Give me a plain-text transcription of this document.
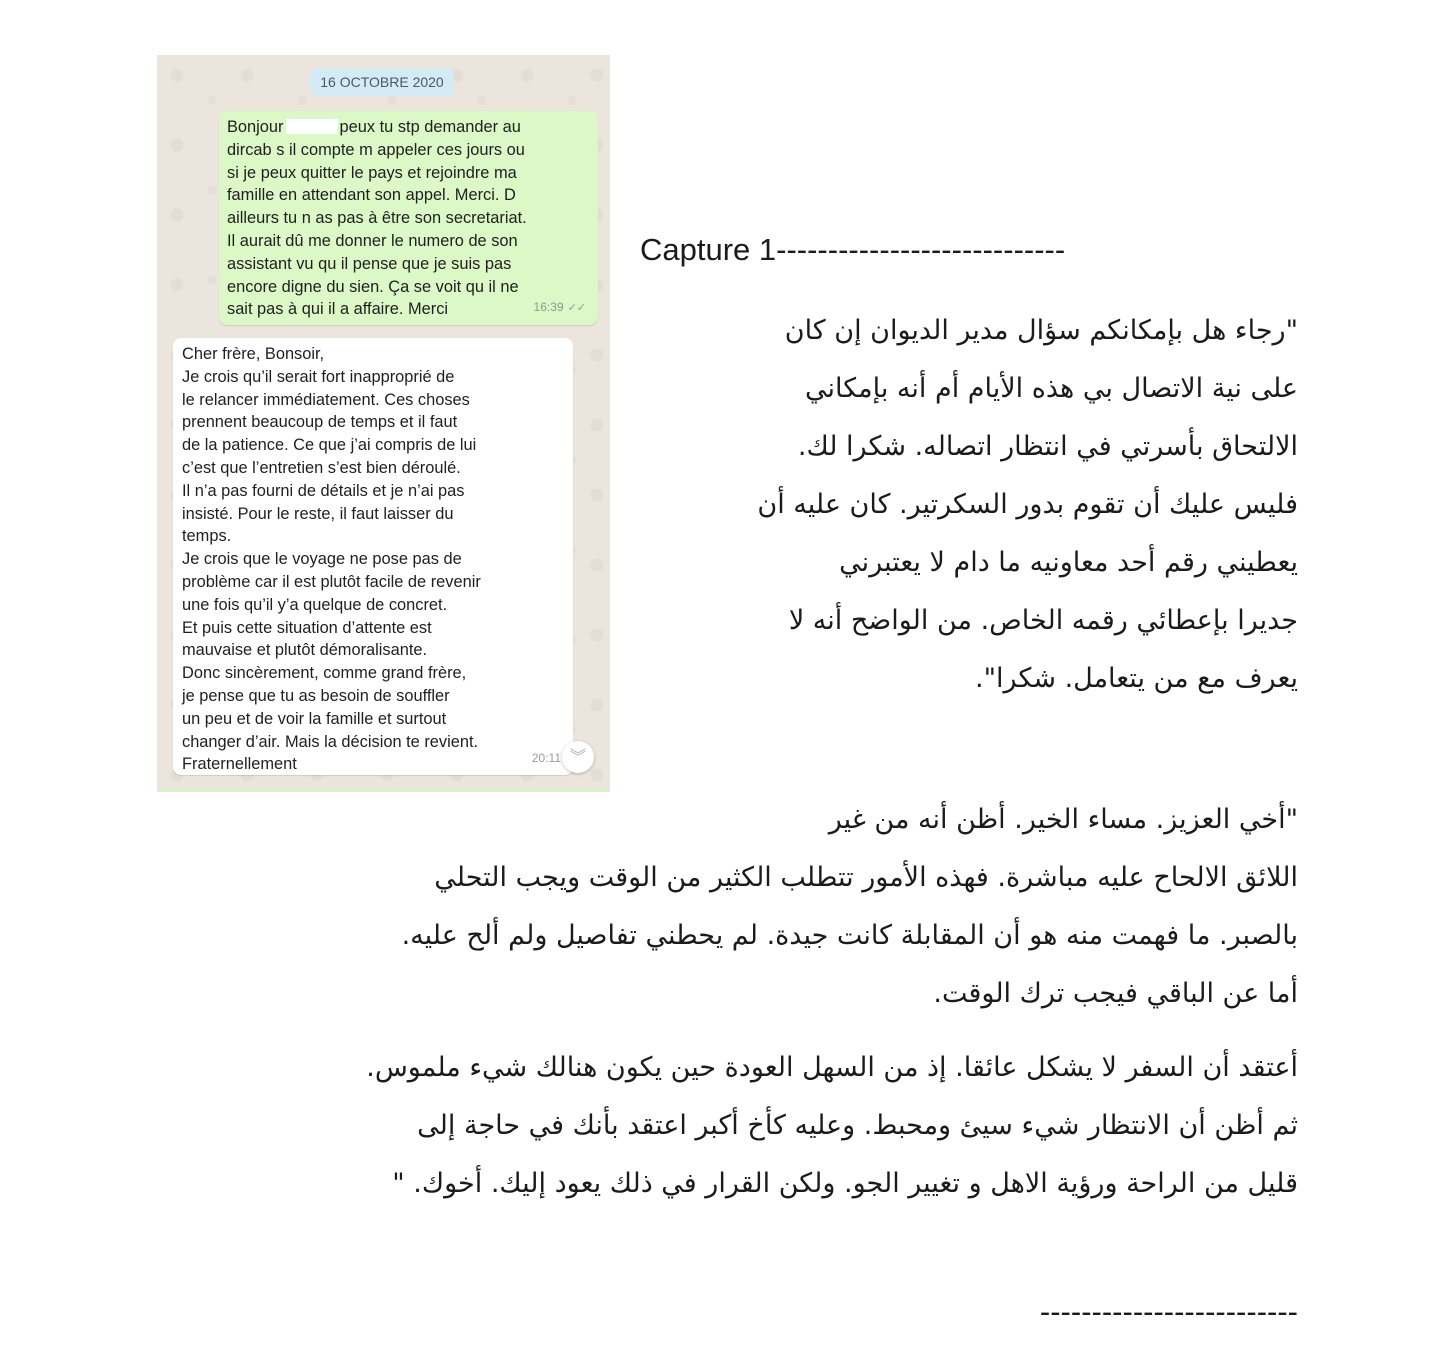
16 OCTOBRE 2020
Bonjour	peux tu stp demander au
dircab s il compte m appeler ces jours ou
si je peux quitter le pays et rejoindre ma
famille en attendant son appel. Merci. D
ailleurs tu n as pas à être son secretariat.
Il aurait dû me donner le numero de son
assistant vu qu il pense que je suis pas
encore digne du sien. Ça se voit qu il ne
sait pas à qui il a affaire. Merci	16:39 ✓✓
Cher frère, Bonsoir,
Je crois qu’il serait fort inapproprié de
le relancer immédiatement. Ces choses
prennent beaucoup de temps et il faut
de la patience. Ce que j’ai compris de lui
c’est que l’entretien s’est bien déroulé.
Il n’a pas fourni de détails et je n’ai pas
insisté. Pour le reste, il faut laisser du
temps.
Je crois que le voyage ne pose pas de
problème car il est plutôt facile de revenir
une fois qu’il y’a quelque de concret.
Et puis cette situation d’attente est
mauvaise et plutôt démoralisante.
Donc sincèrement, comme grand frère,
je pense que tu as besoin de souffler
un peu et de voir la famille et surtout
changer d’air. Mais la décision te revient.
Fraternellement	20:11 ︾
Capture 1----------------------------
"رجاء هل بإمكانكم سؤال مدير الديوان إن كان
على نية الاتصال بي هذه الأيام أم أنه بإمكاني
الالتحاق بأسرتي في انتظار اتصاله. شكرا لك.
فليس عليك أن تقوم بدور السكرتير. كان عليه أن
يعطيني رقم أحد معاونيه ما دام لا يعتبرني
جديرا بإعطائي رقمه الخاص. من الواضح أنه لا
يعرف مع من يتعامل. شكرا".
"أخي العزيز. مساء الخير. أظن أنه من غير
اللائق الالحاح عليه مباشرة. فهذه الأمور تتطلب الكثير من الوقت ويجب التحلي
بالصبر. ما فهمت منه هو أن المقابلة كانت جيدة. لم يحطني تفاصيل ولم ألح عليه.
أما عن الباقي فيجب ترك الوقت.
أعتقد أن السفر لا يشكل عائقا. إذ من السهل العودة حين يكون هنالك شيء ملموس.
ثم أظن أن الانتظار شيء سيئ ومحبط. وعليه كأخ أكبر اعتقد بأنك في حاجة إلى
قليل من الراحة ورؤية الاهل و تغيير الجو. ولكن القرار في ذلك يعود إليك. أخوك. "
-------------------------
